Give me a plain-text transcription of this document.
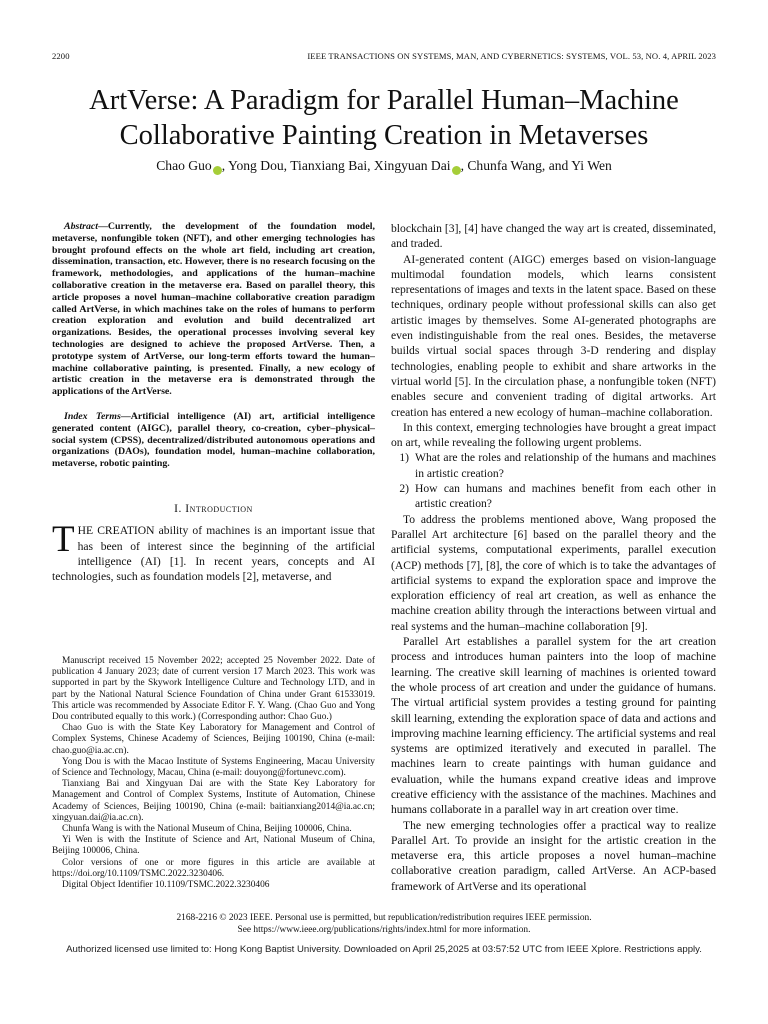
2200	IEEE TRANSACTIONS ON SYSTEMS, MAN, AND CYBERNETICS: SYSTEMS, VOL. 53, NO. 4, APRIL 2023
ArtVerse: A Paradigm for Parallel Human–Machine
Collaborative Painting Creation in Metaverses
Chao Guo , Yong Dou, Tianxiang Bai, Xingyuan Dai , Chunfa Wang, and Yi Wen
Abstract—Currently, the development of the foundation model, metaverse, nonfungible token (NFT), and other emerging technologies has brought profound effects on the whole art field, including art creation, dissemination, transaction, etc. However, there is no research focusing on the framework, methodologies, and applications of the human–machine collaborative creation in the metaverse era. Based on parallel theory, this article proposes a novel human–machine collaborative creation paradigm called ArtVerse, in which machines take on the roles of humans to perform creation exploration and evolution and build decentralized art organizations. Besides, the operational processes involving several key technologies are designed to achieve the proposed ArtVerse. Then, a prototype system of ArtVerse, our long-term efforts toward the human–machine collaborative painting, is presented. Finally, a new ecology of artistic creation in the metaverse era is demonstrated through the applications of the ArtVerse.
Index Terms—Artificial intelligence (AI) art, artificial intelligence generated content (AIGC), parallel theory, co-creation, cyber–physical–social system (CPSS), decentralized/distributed autonomous operations and organizations (DAOs), foundation model, human–machine collaboration, metaverse, robotic painting.
I. Introduction

THE CREATION ability of machines is an important issue that has been of interest since the beginning of the artificial intelligence (AI) [1]. In recent years, concepts and AI technologies, such as foundation models [2], metaverse, and

Manuscript received 15 November 2022; accepted 25 November 2022. Date of publication 4 January 2023; date of current version 17 March 2023. This work was supported in part by the Skywork Intelligence Culture and Technology LTD, and in part by the National Natural Science Foundation of China under Grant 61533019. This article was recommended by Associate Editor F. Y. Wang. (Chao Guo and Yong Dou contributed equally to this work.) (Corresponding author: Chao Guo.)

Chao Guo is with the State Key Laboratory for Management and Control of Complex Systems, Chinese Academy of Sciences, Beijing 100190, China (e-mail: chao.guo@ia.ac.cn).

Yong Dou is with the Macao Institute of Systems Engineering, Macau University of Science and Technology, Macau, China (e-mail: douyong@fortunevc.com).

Tianxiang Bai and Xingyuan Dai are with the State Key Laboratory for Management and Control of Complex Systems, Institute of Automation, Chinese Academy of Sciences, Beijing 100190, China (e-mail: baitianxiang2014@ia.ac.cn; xingyuan.dai@ia.ac.cn).

Chunfa Wang is with the National Museum of China, Beijing 100006, China.

Yi Wen is with the Institute of Science and Art, National Museum of China, Beijing 100006, China.

Color versions of one or more figures in this article are available at https://doi.org/10.1109/TSMC.2022.3230406.

Digital Object Identifier 10.1109/TSMC.2022.3230406

blockchain [3], [4] have changed the way art is created, disseminated, and traded.

AI-generated content (AIGC) emerges based on vision-language multimodal foundation models, which learns consistent representations of images and texts in the latent space. Based on these techniques, ordinary people without professional skills can also get artistic images by themselves. Some AI-generated photographs are even indistinguishable from the real ones. Besides, the metaverse builds virtual social spaces through 3-D rendering and display technologies, enabling people to exhibit and share artworks in the virtual world [5]. In the circulation phase, a nonfungible token (NFT) enables secure and convenient trading of digital artworks. Art creation has entered a new ecology of human–machine collaboration.

In this context, emerging technologies have brought a great impact on art, while revealing the following urgent problems.

1) What are the roles and relationship of the humans and machines in artistic creation?
2) How can humans and machines benefit from each other in artistic creation?

To address the problems mentioned above, Wang proposed the Parallel Art architecture [6] based on the parallel theory and the artificial systems, computational experiments, parallel execution (ACP) methods [7], [8], the core of which is to take the advantages of artificial systems to expand the exploration space and improve the exploration efficiency of real art creation, as well as enhance the machine creation ability through the interactions between virtual and real systems and the human–machine collaboration [9].

Parallel Art establishes a parallel system for the art creation process and introduces human painters into the loop of machine learning. The creative skill learning of machines is oriented toward the whole process of art creation and under the guidance of humans. The virtual artificial system provides a testing ground for painting skill learning, extending the exploration space of data and actions and improving machine learning efficiency. The artificial systems and real systems are optimized iteratively and executed in parallel. The machines learn to create paintings with human guidance and evaluation, while the humans expand creative ideas and improve creative efficiency with the assistance of the machines. Machines and humans collaborate in a parallel way in art creation over time.

The new emerging technologies offer a practical way to realize Parallel Art. To provide an insight for the artistic creation in the metaverse era, this article proposes a novel human–machine collaborative creation paradigm, called ArtVerse. An ACP-based framework of ArtVerse and its operational

2168-2216 © 2023 IEEE. Personal use is permitted, but republication/redistribution requires IEEE permission.
See https://www.ieee.org/publications/rights/index.html for more information.
Authorized licensed use limited to: Hong Kong Baptist University. Downloaded on April 25,2025 at 03:57:52 UTC from IEEE Xplore. Restrictions apply.
